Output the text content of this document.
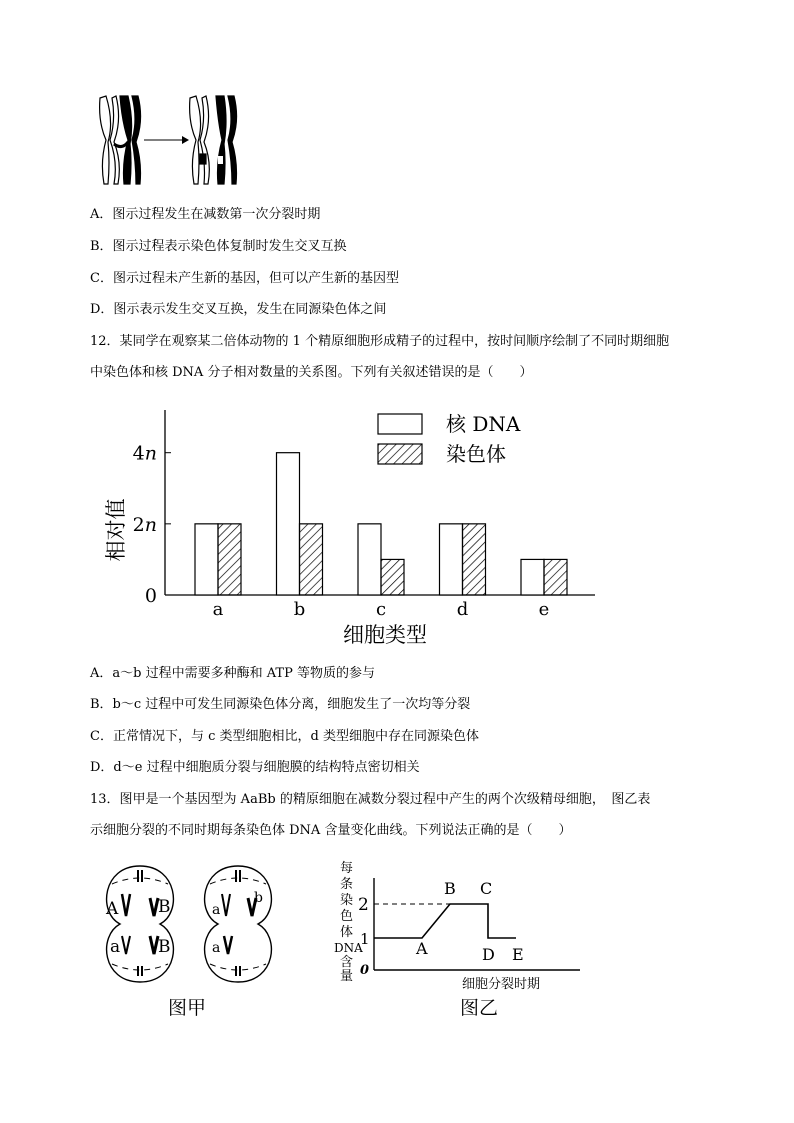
A．图示过程发生在减数第一次分裂时期
B．图示过程表示染色体复制时发生交叉互换
C．图示过程未产生新的基因，但可以产生新的基因型
D．图示表示发生交叉互换，发生在同源染色体之间
12．某同学在观察某二倍体动物的 1 个精原细胞形成精子的过程中，按时间顺序绘制了不同时期细胞
中染色体和核 DNA 分子相对数量的关系图。下列有关叙述错误的是（　　）
0
2n
4n
相对值
a	b	c	d	e
细胞类型
核 DNA
染色体
A．a～b 过程中需要多种酶和 ATP 等物质的参与
B．b～c 过程中可发生同源染色体分离，细胞发生了一次均等分裂
C．正常情况下，与 c 类型细胞相比，d 类型细胞中存在同源染色体
D．d～e 过程中细胞质分裂与细胞膜的结构特点密切相关
13．图甲是一个基因型为 AaBb 的精原细胞在减数分裂过程中产生的两个次级精母细胞，　图乙表
示细胞分裂的不同时期每条染色体 DNA 含量变化曲线。下列说法正确的是（　　）
A B
a B
a
b
a
图甲
每
条
染
色
体
DNA
含
量 0
2
1	A
B C
D E
细胞分裂时期
图乙
